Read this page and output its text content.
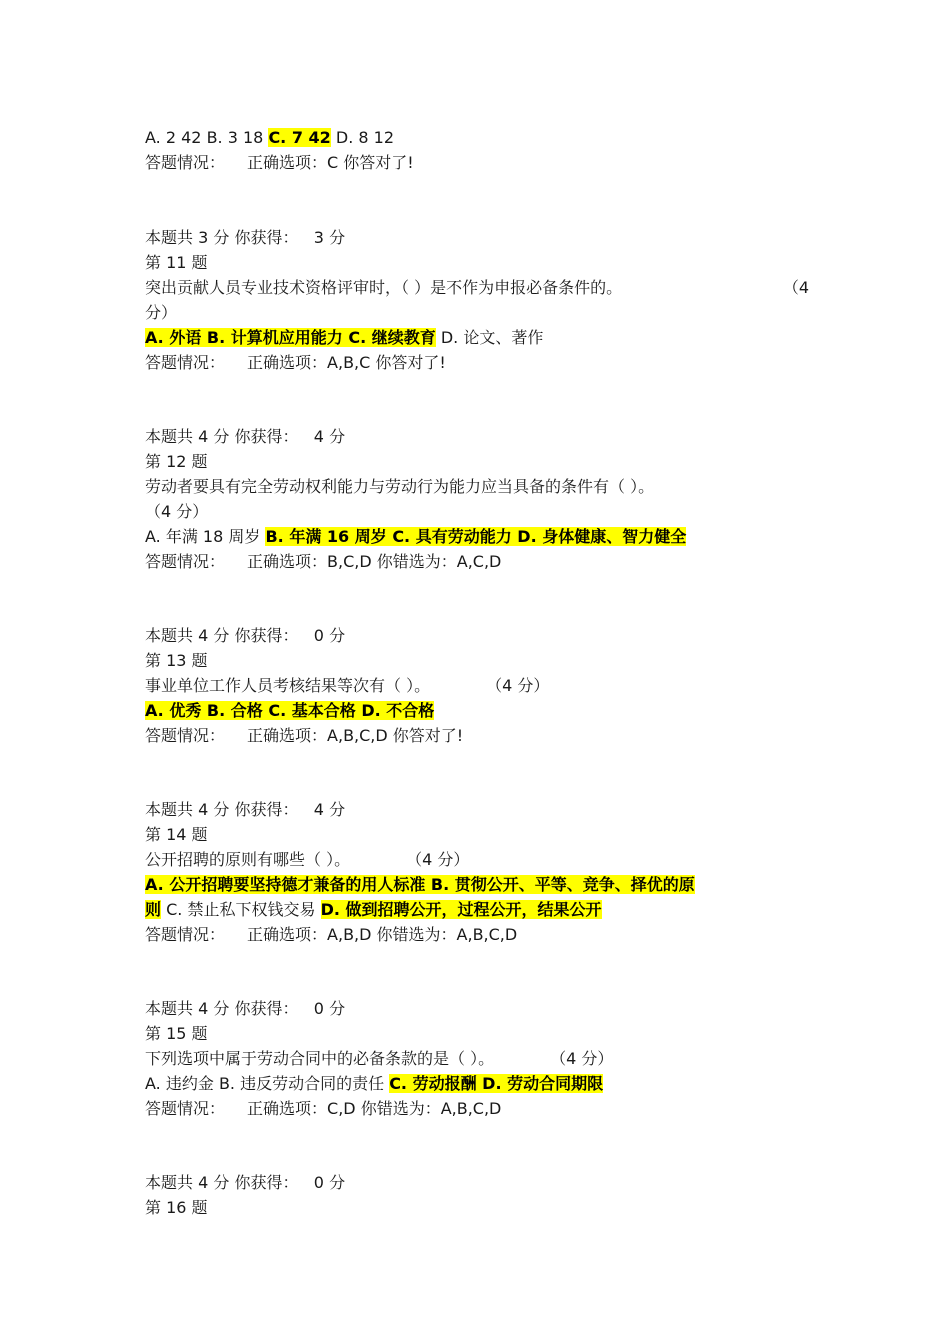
A. 2 42 B. 3 18 C. 7 42 D. 8 12
答题情况： 正确选项：C 你答对了!
本题共 3 分 你获得： 3 分
第 11 题
突出贡献人员专业技术资格评审时，（ ）是不作为申报必备条件的。	（4
分）
A. 外语 B. 计算机应用能力 C. 继续教育 D. 论文、著作
答题情况： 正确选项：A,B,C 你答对了!
本题共 4 分 你获得： 4 分
第 12 题
劳动者要具有完全劳动权利能力与劳动行为能力应当具备的条件有（ ）。
（4 分）
A. 年满 18 周岁 B. 年满 16 周岁 C. 具有劳动能力 D. 身体健康、智力健全
答题情况： 正确选项：B,C,D 你错选为：A,C,D
本题共 4 分 你获得： 0 分
第 13 题
事业单位工作人员考核结果等次有（ ）。	（4 分）
A. 优秀 B. 合格 C. 基本合格 D. 不合格
答题情况： 正确选项：A,B,C,D 你答对了!
本题共 4 分 你获得： 4 分
第 14 题
公开招聘的原则有哪些（ ）。	（4 分）
A. 公开招聘要坚持德才兼备的用人标准 B. 贯彻公开、平等、竞争、择优的原
则 C. 禁止私下权钱交易 D. 做到招聘公开，过程公开，结果公开
答题情况： 正确选项：A,B,D 你错选为：A,B,C,D
本题共 4 分 你获得： 0 分
第 15 题
下列选项中属于劳动合同中的必备条款的是（ ）。	（4 分）
A. 违约金 B. 违反劳动合同的责任 C. 劳动报酬 D. 劳动合同期限
答题情况： 正确选项：C,D 你错选为：A,B,C,D
本题共 4 分 你获得： 0 分
第 16 题
